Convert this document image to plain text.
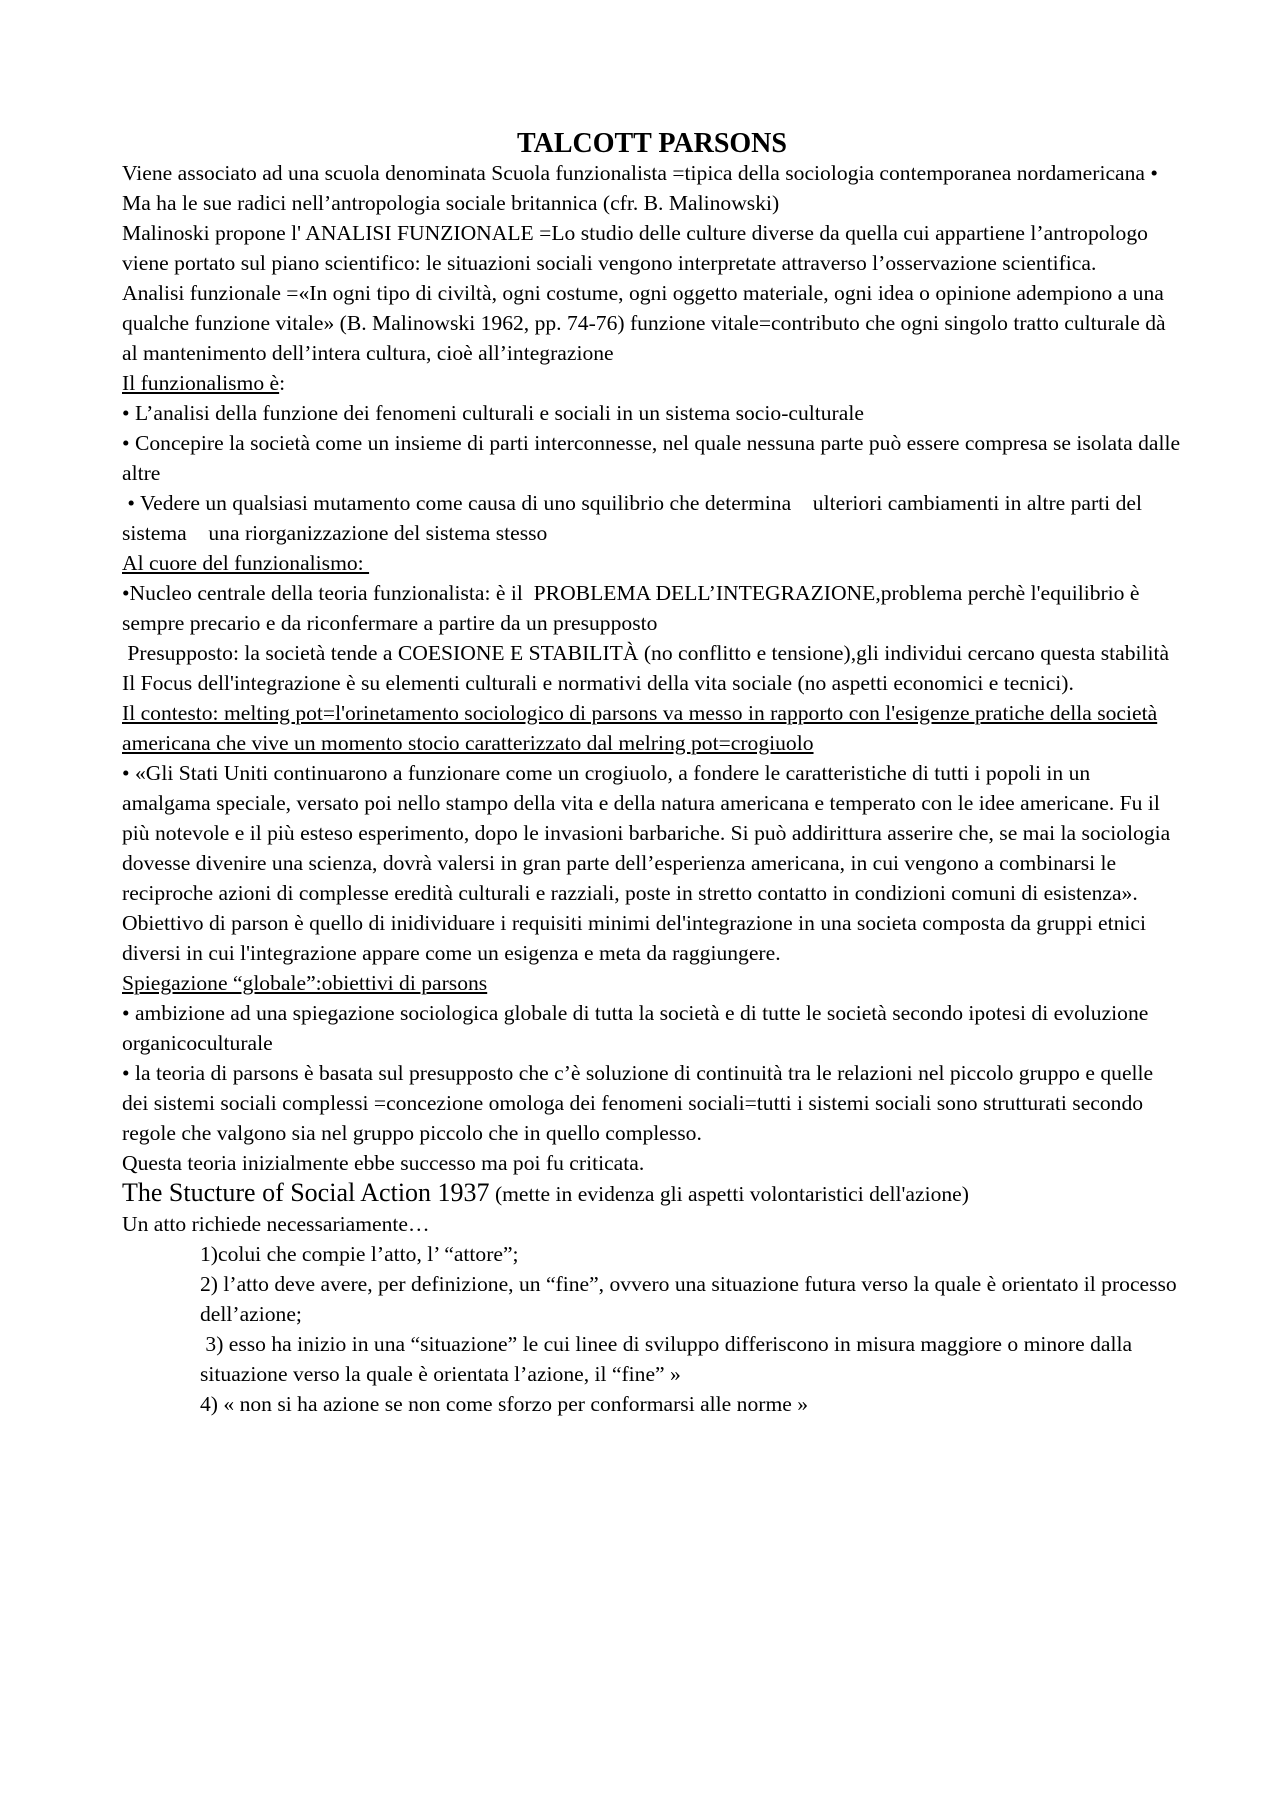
TALCOTT PARSONS

Viene associato ad una scuola denominata Scuola funzionalista =tipica della sociologia contemporanea nordamericana • Ma ha le sue radici nell’antropologia sociale britannica (cfr. B. Malinowski)

Malinoski propone l' ANALISI FUNZIONALE =Lo studio delle culture diverse da quella cui appartiene l’antropologo viene portato sul piano scientifico: le situazioni sociali vengono interpretate attraverso l’osservazione scientifica.

Analisi funzionale =«In ogni tipo di civiltà, ogni costume, ogni oggetto materiale, ogni idea o opinione adempiono a una qualche funzione vitale» (B. Malinowski 1962, pp. 74-76) funzione vitale=contributo che ogni singolo tratto culturale dà al mantenimento dell’intera cultura, cioè all’integrazione

Il funzionalismo è:

• L’analisi della funzione dei fenomeni culturali e sociali in un sistema socio-culturale

• Concepire la società come un insieme di parti interconnesse, nel quale nessuna parte può essere compresa se isolata dalle altre

• Vedere un qualsiasi mutamento come causa di uno squilibrio che determina    ulteriori cambiamenti in altre parti del sistema    una riorganizzazione del sistema stesso

Al cuore del funzionalismo:

•Nucleo centrale della teoria funzionalista: è il  PROBLEMA DELL’INTEGRAZIONE,problema perchè l'equilibrio è sempre precario e da riconfermare a partire da un presupposto

Presupposto: la società tende a COESIONE E STABILITÀ (no conflitto e tensione),gli individui cercano questa stabilità

Il Focus dell'integrazione è su elementi culturali e normativi della vita sociale (no aspetti economici e tecnici).

Il contesto: melting pot=l'orinetamento sociologico di parsons va messo in rapporto con l'esigenze pratiche della società americana che vive un momento stocio caratterizzato dal melring pot=crogiuolo

• «Gli Stati Uniti continuarono a funzionare come un crogiuolo, a fondere le caratteristiche di tutti i popoli in un amalgama speciale, versato poi nello stampo della vita e della natura americana e temperato con le idee americane. Fu il più notevole e il più esteso esperimento, dopo le invasioni barbariche. Si può addirittura asserire che, se mai la sociologia dovesse divenire una scienza, dovrà valersi in gran parte dell’esperienza americana, in cui vengono a combinarsi le reciproche azioni di complesse eredità culturali e razziali, poste in stretto contatto in condizioni comuni di esistenza».

Obiettivo di parson è quello di inidividuare i requisiti minimi del'integrazione in una societa composta da gruppi etnici diversi in cui l'integrazione appare come un esigenza e meta da raggiungere.

Spiegazione “globale”:obiettivi di parsons

• ambizione ad una spiegazione sociologica globale di tutta la società e di tutte le società secondo ipotesi di evoluzione organicoculturale

• la teoria di parsons è basata sul presupposto che c’è soluzione di continuità tra le relazioni nel piccolo gruppo e quelle dei sistemi sociali complessi =concezione omologa dei fenomeni sociali=tutti i sistemi sociali sono strutturati secondo regole che valgono sia nel gruppo piccolo che in quello complesso.

Questa teoria inizialmente ebbe successo ma poi fu criticata.

The Stucture of Social Action 1937 (mette in evidenza gli aspetti volontaristici dell'azione)

Un atto richiede necessariamente…

1)colui che compie l’atto, l’ “attore”;

2) l’atto deve avere, per definizione, un “fine”, ovvero una situazione futura verso la quale è orientato il processo dell’azione;

3) esso ha inizio in una “situazione” le cui linee di sviluppo differiscono in misura maggiore o minore dalla situazione verso la quale è orientata l’azione, il “fine” »

4) « non si ha azione se non come sforzo per conformarsi alle norme »
